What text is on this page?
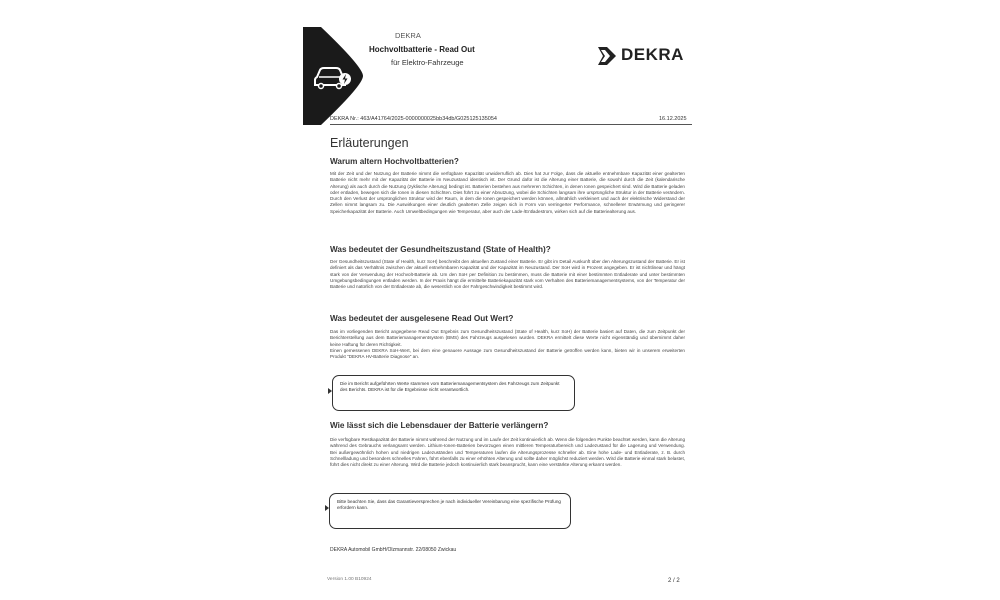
DEKRA
Hochvoltbatterie - Read Out
für Elektro-Fahrzeuge	DEKRA
DEKRA Nr.: 463/A41764/2025-0000000025bb34db/G025125135054	16.12.2025
Erläuterungen
Warum altern Hochvoltbatterien?

Mit der Zeit und der Nutzung der Batterie nimmt die verfügbare Kapazität unwiderruflich ab. Dies hat zur Folge, dass die aktuelle entnehmbare Kapazität einer gealterten Batterie nicht mehr mit der Kapazität der Batterie im Neuzustand identisch ist. Der Grund dafür ist die Alterung einer Batterie, die sowohl durch die Zeit (kalendarische Alterung) als auch durch die Nutzung (zyklische Alterung) bedingt ist. Batterien bestehen aus mehreren Schichten, in denen Ionen gespeichert sind. Wird die Batterie geladen oder entladen, bewegen sich die Ionen in diesen Schichten. Dies führt zu einer Abnutzung, wobei die Schichten langsam ihre ursprüngliche Struktur in der Batterie verändern. Durch den Verlust der ursprünglichen Struktur wird der Raum, in dem die Ionen gespeichert werden können, allmählich verkleinert und auch der elektrische Widerstand der Zellen nimmt langsam zu. Die Auswirkungen einer deutlich gealterten Zelle zeigen sich in Form von verringerter Performance, schnellerer Erwärmung und geringerer Speicherkapazität der Batterie. Auch Umweltbedingungen wie Temperatur, aber auch der Lade-/Entladestrom, wirken sich auf die Batteriealterung aus.

Was bedeutet der Gesundheitszustand (State of Health)?

Der Gesundheitszustand (State of Health, kurz SoH) beschreibt den aktuellen Zustand einer Batterie. Er gibt im Detail Auskunft über den Alterungszustand der Batterie. Er ist definiert als das Verhältnis zwischen der aktuell entnehmbaren Kapazität und der Kapazität im Neuzustand. Der SoH wird in Prozent angegeben. Er ist nichtlinear und hängt stark von der Verwendung der Hochvolt-Batterie ab. Um den SoH per Definition zu bestimmen, muss die Batterie mit einer bestimmten Entladerate und unter bestimmten Umgebungsbedingungen entladen werden. In der Praxis hängt die ermittelte Batteriekapazität stark vom Verhalten des Batteriemanagementsystems, von der Temperatur der Batterie und natürlich von der Entladerate ab, die wesentlich von der Fahrgeschwindigkeit bestimmt wird.

Was bedeutet der ausgelesene Read Out Wert?

Das im vorliegenden Bericht angegebene Read Out Ergebnis zum Gesundheitszustand (State of Health, kurz SoH) der Batterie basiert auf Daten, die zum Zeitpunkt der Berichterstellung aus dem Batteriemanagementsystem (BMS) des Fahrzeugs ausgelesen wurden. DEKRA ermittelt diese Werte nicht eigenständig und übernimmt daher keine Haftung für deren Richtigkeit.

Einen gemessenen DEKRA SoH-Wert, bei dem eine genauere Aussage zum Gesundheitszustand der Batterie getroffen werden kann, bieten wir in unserem erweiterten Produkt "DEKRA HV-Batterie Diagnose" an.

Die im Bericht aufgeführten Werte stammen vom Batteriemanagementsystem des Fahrzeugs zum Zeitpunkt des Berichts. DEKRA ist für die Ergebnisse nicht verantwortlich.
Wie lässt sich die Lebensdauer der Batterie verlängern?

Die verfügbare Restkapazität der Batterie nimmt während der Nutzung und im Laufe der Zeit kontinuierlich ab. Wenn die folgenden Punkte beachtet werden, kann die Alterung während des Gebrauchs verlangsamt werden. Lithium-Ionen-Batterien bevorzugen einen mittleren Temperaturbereich und Ladezustand für die Lagerung und Verwendung. Bei außergewöhnlich hohen und niedrigen Ladezuständen und Temperaturen laufen die Alterungsprozesse schneller ab. Eine hohe Lade- und Entladerate, z. B. durch Schnellladung und besonders schnelles Fahren, führt ebenfalls zu einer erhöhten Alterung und sollte daher möglichst reduziert werden. Wird die Batterie einmal stark belastet, führt dies nicht direkt zu einer Alterung. Wird die Batterie jedoch kontinuierlich stark beansprucht, kann eine verstärkte Alterung erkannt werden.

Bitte beachten Sie, dass das Garantieversprechen je nach individueller Vereinbarung eine spezifische Prüfung erfordern kann.
DEKRA Automobil GmbH/Olzmannstr. 22/08050 Zwickau
Version 1.00 B10924	2 / 2
